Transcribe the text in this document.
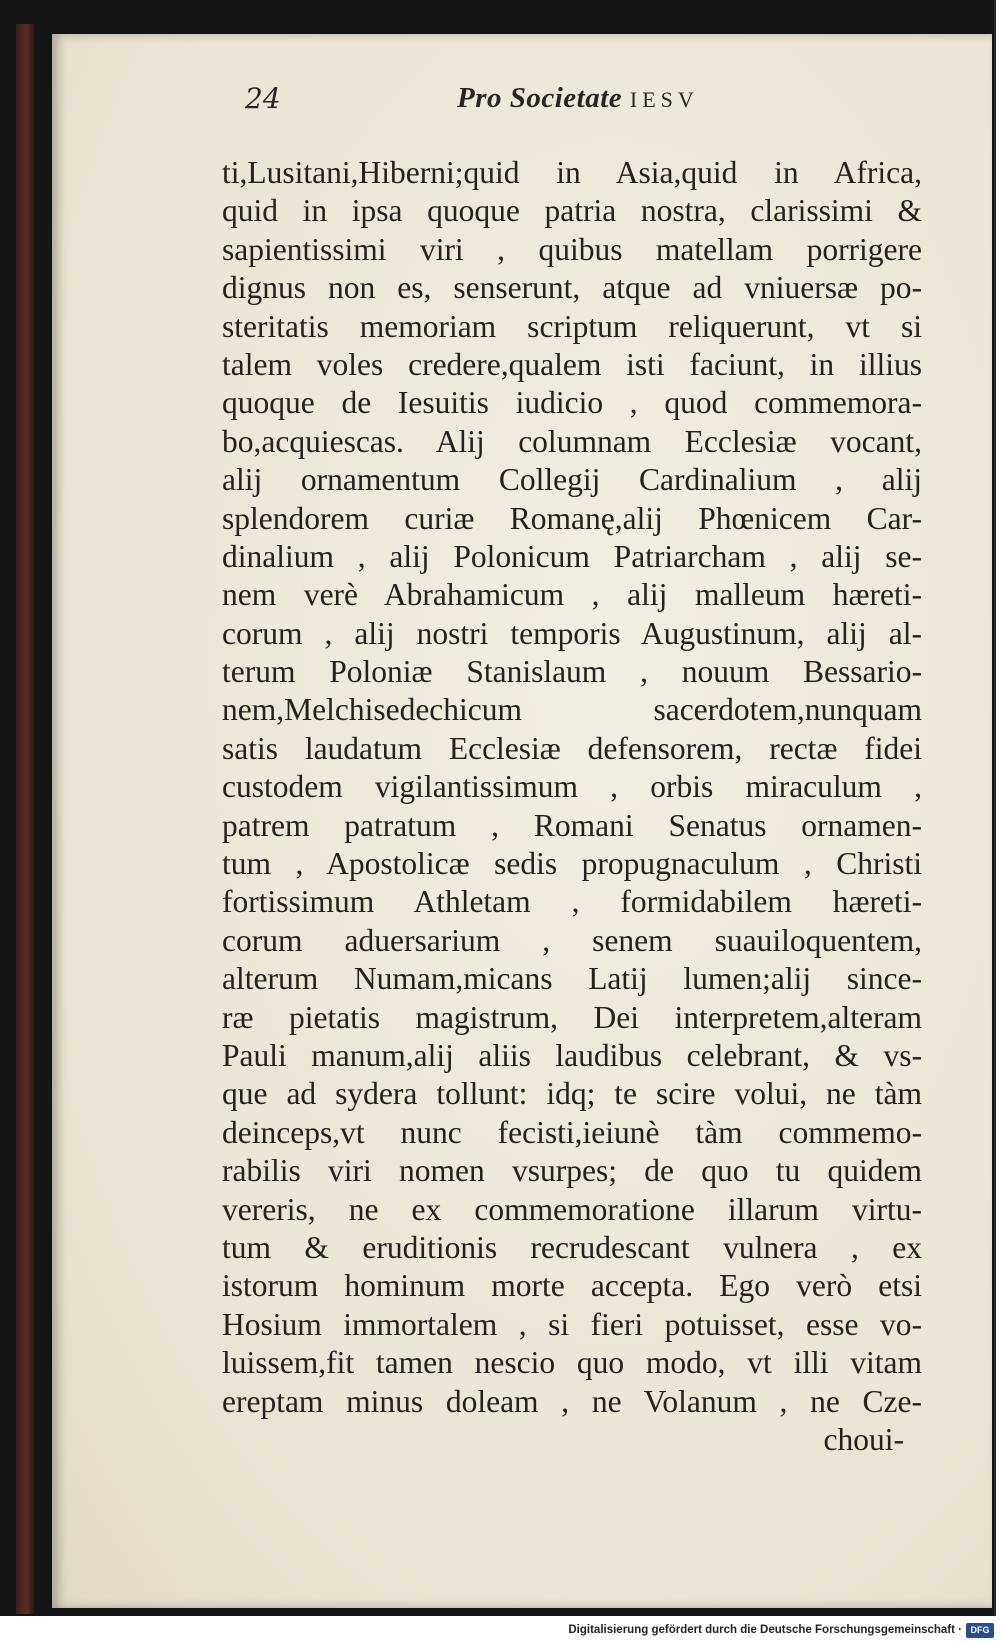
24	Pro Societate IESV
ti,Lusitani,Hiberni;quid in Asia,quid in Africa,
quid in ipsa quoque patria nostra, clarissimi &
sapientissimi viri , quibus matellam porrigere
dignus non es, senserunt, atque ad vniuersæ po-
steritatis memoriam scriptum reliquerunt, vt si
talem voles credere,qualem isti faciunt, in illius
quoque de Iesuitis iudicio , quod commemora-
bo,acquiescas. Alij columnam Ecclesiæ vocant,
alij ornamentum Collegij Cardinalium , alij
splendorem curiæ Romanę,alij Phœnicem Car-
dinalium , alij Polonicum Patriarcham , alij se-
nem verè Abrahamicum , alij malleum hæreti-
corum , alij nostri temporis Augustinum, alij al-
terum Poloniæ Stanislaum , nouum Bessario-
nem,Melchisedechicum sacerdotem,nunquam
satis laudatum Ecclesiæ defensorem, rectæ fidei
custodem vigilantissimum , orbis miraculum ,
patrem patratum , Romani Senatus ornamen-
tum , Apostolicæ sedis propugnaculum , Christi
fortissimum Athletam , formidabilem hæreti-
corum aduersarium , senem suauiloquentem,
alterum Numam,micans Latij lumen;alij since-
ræ pietatis magistrum, Dei interpretem,alteram
Pauli manum,alij aliis laudibus celebrant, & vs-
que ad sydera tollunt: idq; te scire volui, ne tàm
deinceps,vt nunc fecisti,ieiunè tàm commemo-
rabilis viri nomen vsurpes; de quo tu quidem
vereris, ne ex commemoratione illarum virtu-
tum & eruditionis recrudescant vulnera , ex
istorum hominum morte accepta. Ego verò etsi
Hosium immortalem , si fieri potuisset, esse vo-
luissem,fit tamen nescio quo modo, vt illi vitam
ereptam minus doleam , ne Volanum , ne Cze-
choui-
Digitalisierung gefördert durch die Deutsche Forschungsgemeinschaft · DFG
